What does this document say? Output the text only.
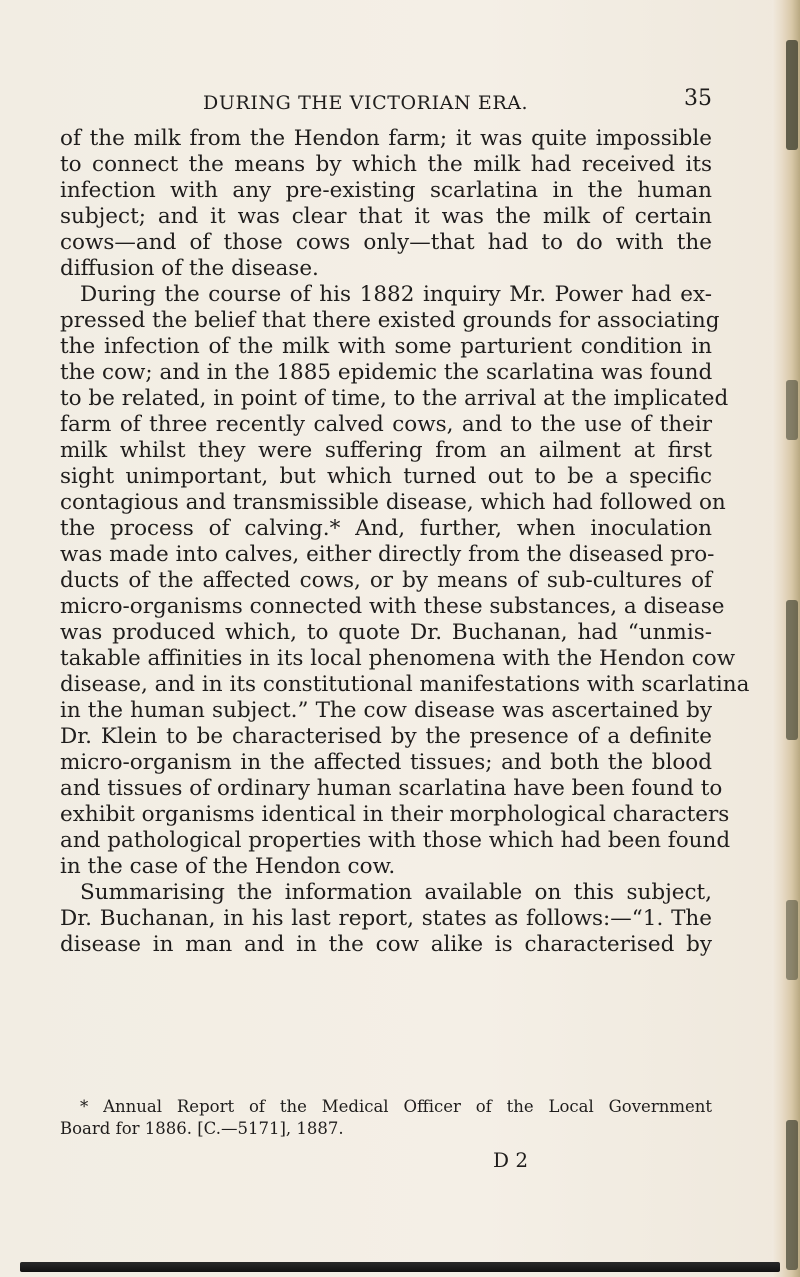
DURING THE VICTORIAN ERA.	35
of the milk from the Hendon farm; it was quite impossible
to connect the means by which the milk had received its
infection with any pre-existing scarlatina in the human
subject; and it was clear that it was the milk of certain
cows—and of those cows only—that had to do with the
diffusion of the disease.
During the course of his 1882 inquiry Mr. Power had ex-
pressed the belief that there existed grounds for associating
the infection of the milk with some parturient condition in
the cow; and in the 1885 epidemic the scarlatina was found
to be related, in point of time, to the arrival at the implicated
farm of three recently calved cows, and to the use of their
milk whilst they were suffering from an ailment at first
sight unimportant, but which turned out to be a specific
contagious and transmissible disease, which had followed on
the process of calving.* And, further, when inoculation
was made into calves, either directly from the diseased pro-
ducts of the affected cows, or by means of sub-cultures of
micro-organisms connected with these substances, a disease
was produced which, to quote Dr. Buchanan, had “unmis-
takable affinities in its local phenomena with the Hendon cow
disease, and in its constitutional manifestations with scarlatina
in the human subject.” The cow disease was ascertained by
Dr. Klein to be characterised by the presence of a definite
micro-organism in the affected tissues; and both the blood
and tissues of ordinary human scarlatina have been found to
exhibit organisms identical in their morphological characters
and pathological properties with those which had been found
in the case of the Hendon cow.
Summarising the information available on this subject,
Dr. Buchanan, in his last report, states as follows:—“1. The
disease in man and in the cow alike is characterised by
* Annual Report of the Medical Officer of the Local Government
Board for 1886. [C.—5171], 1887.
D 2
